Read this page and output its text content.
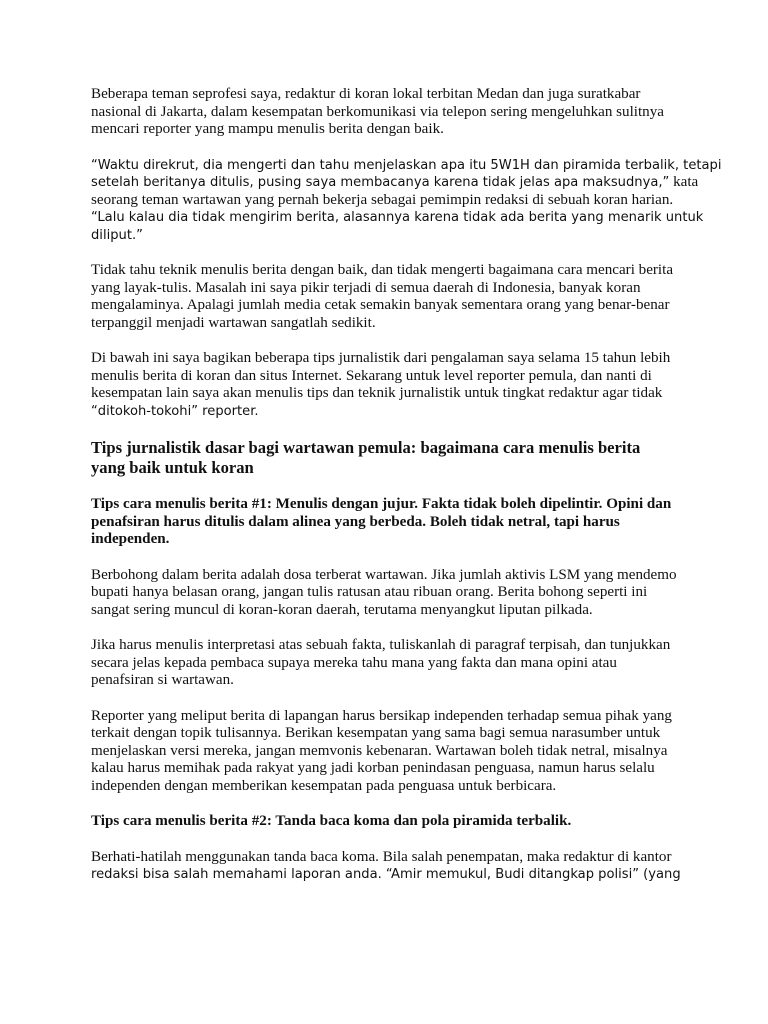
Beberapa teman seprofesi saya, redaktur di koran lokal terbitan Medan dan juga suratkabar
nasional di Jakarta, dalam kesempatan berkomunikasi via telepon sering mengeluhkan sulitnya
mencari reporter yang mampu menulis berita dengan baik.

“Waktu direkrut, dia mengerti dan tahu menjelaskan apa itu 5W1H dan piramida terbalik, tetapi
setelah beritanya ditulis, pusing saya membacanya karena tidak jelas apa maksudnya,” kata
seorang teman wartawan yang pernah bekerja sebagai pemimpin redaksi di sebuah koran harian.
“Lalu kalau dia tidak mengirim berita, alasannya karena tidak ada berita yang menarik untuk
diliput.”

Tidak tahu teknik menulis berita dengan baik, dan tidak mengerti bagaimana cara mencari berita
yang layak-tulis. Masalah ini saya pikir terjadi di semua daerah di Indonesia, banyak koran
mengalaminya. Apalagi jumlah media cetak semakin banyak sementara orang yang benar-benar
terpanggil menjadi wartawan sangatlah sedikit.

Di bawah ini saya bagikan beberapa tips jurnalistik dari pengalaman saya selama 15 tahun lebih
menulis berita di koran dan situs Internet. Sekarang untuk level reporter pemula, dan nanti di
kesempatan lain saya akan menulis tips dan teknik jurnalistik untuk tingkat redaktur agar tidak
“ditokoh-tokohi” reporter.

Tips jurnalistik dasar bagi wartawan pemula: bagaimana cara menulis berita
yang baik untuk koran
Tips cara menulis berita #1: Menulis dengan jujur. Fakta tidak boleh dipelintir. Opini dan
penafsiran harus ditulis dalam alinea yang berbeda. Boleh tidak netral, tapi harus
independen.

Berbohong dalam berita adalah dosa terberat wartawan. Jika jumlah aktivis LSM yang mendemo
bupati hanya belasan orang, jangan tulis ratusan atau ribuan orang. Berita bohong seperti ini
sangat sering muncul di koran-koran daerah, terutama menyangkut liputan pilkada.

Jika harus menulis interpretasi atas sebuah fakta, tuliskanlah di paragraf terpisah, dan tunjukkan
secara jelas kepada pembaca supaya mereka tahu mana yang fakta dan mana opini atau
penafsiran si wartawan.

Reporter yang meliput berita di lapangan harus bersikap independen terhadap semua pihak yang
terkait dengan topik tulisannya. Berikan kesempatan yang sama bagi semua narasumber untuk
menjelaskan versi mereka, jangan memvonis kebenaran. Wartawan boleh tidak netral, misalnya
kalau harus memihak pada rakyat yang jadi korban penindasan penguasa, namun harus selalu
independen dengan memberikan kesempatan pada penguasa untuk berbicara.

Tips cara menulis berita #2: Tanda baca koma dan pola piramida terbalik.

Berhati-hatilah menggunakan tanda baca koma. Bila salah penempatan, maka redaktur di kantor
redaksi bisa salah memahami laporan anda. “Amir memukul, Budi ditangkap polisi” (yang
